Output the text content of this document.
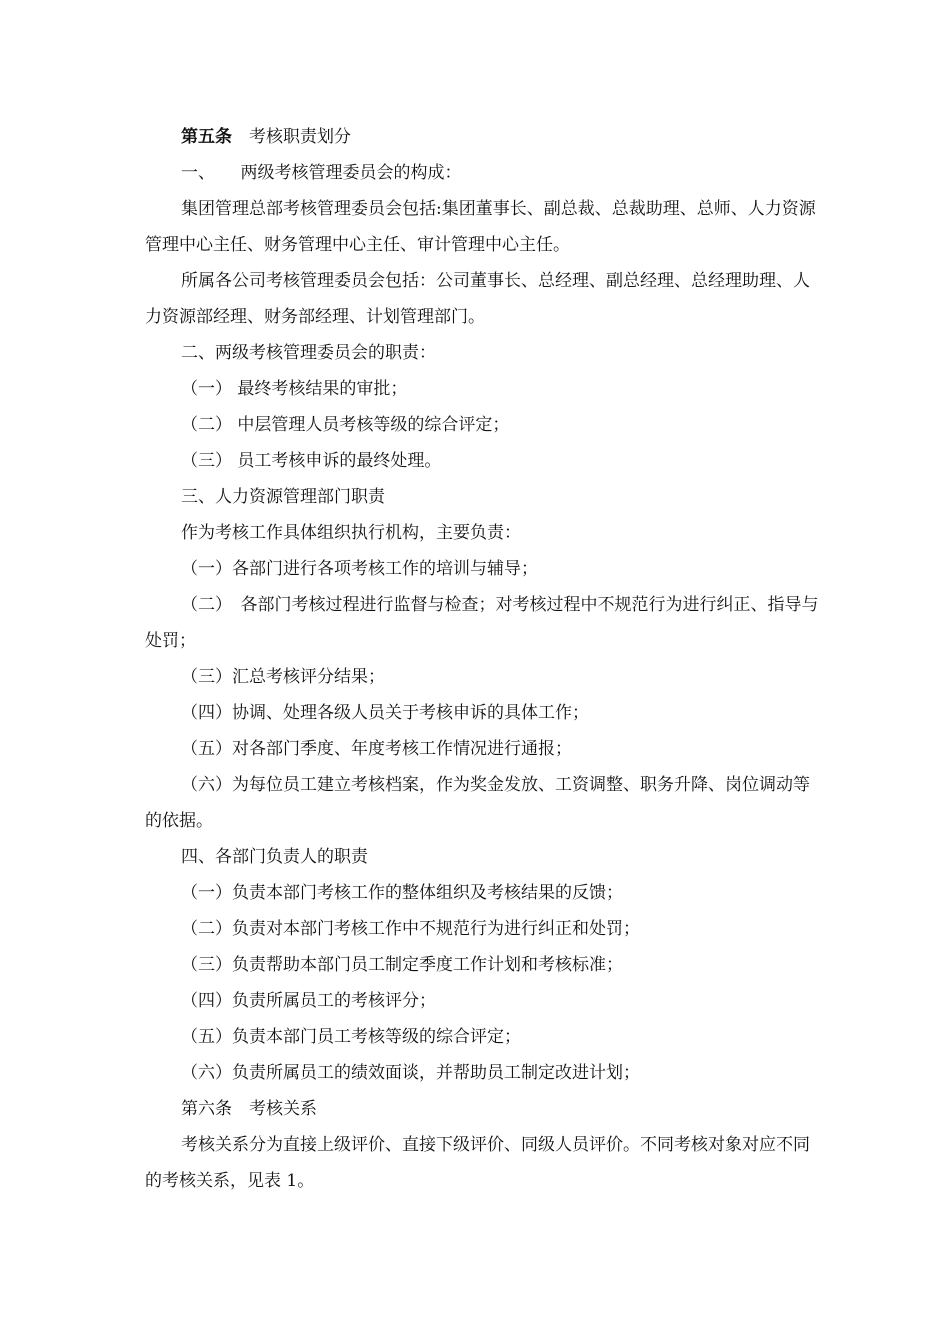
第五条　考核职责划分

一、　　两级考核管理委员会的构成：

集团管理总部考核管理委员会包括:集团董事长、副总裁、总裁助理、总师、人力资源管理中心主任、财务管理中心主任、审计管理中心主任。

所属各公司考核管理委员会包括：公司董事长、总经理、副总经理、总经理助理、人力资源部经理、财务部经理、计划管理部门。

二、两级考核管理委员会的职责：

（一） 最终考核结果的审批；

（二） 中层管理人员考核等级的综合评定；

（三） 员工考核申诉的最终处理。

三、人力资源管理部门职责

作为考核工作具体组织执行机构，主要负责：

（一）各部门进行各项考核工作的培训与辅导；

（二）　各部门考核过程进行监督与检查；对考核过程中不规范行为进行纠正、指导与处罚；

（三）汇总考核评分结果；

（四）协调、处理各级人员关于考核申诉的具体工作；

（五）对各部门季度、年度考核工作情况进行通报；

（六）为每位员工建立考核档案，作为奖金发放、工资调整、职务升降、岗位调动等的依据。

四、各部门负责人的职责

（一）负责本部门考核工作的整体组织及考核结果的反馈；

（二）负责对本部门考核工作中不规范行为进行纠正和处罚；

（三）负责帮助本部门员工制定季度工作计划和考核标准；

（四）负责所属员工的考核评分；

（五）负责本部门员工考核等级的综合评定；

（六）负责所属员工的绩效面谈，并帮助员工制定改进计划；

第六条　考核关系

考核关系分为直接上级评价、直接下级评价、同级人员评价。不同考核对象对应不同的考核关系，见表 1。
